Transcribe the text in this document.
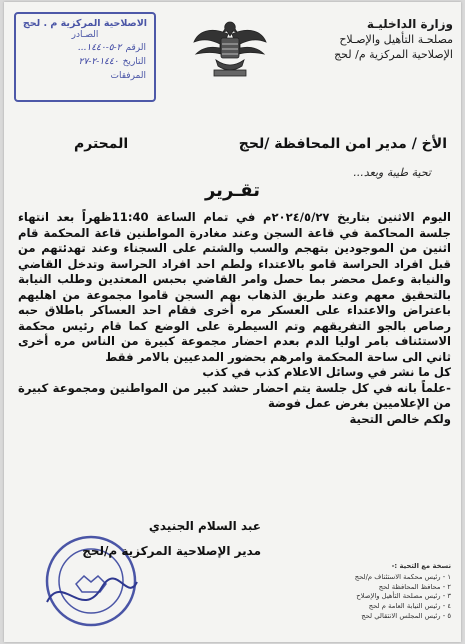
الاصلاحية المركزية م . لحج
الصـادر
الرقم
...٢-٥-١٤٤٠
التاريخ
١٤٤٠-٢-٢٧
المرفقات
وزارة الداخليـة
مصلحـة التأهيل والإصـلاح
الإصلاحية المركزية م/ لحج
الأخ / مدير امن المحافظة /لحج
المحترم
تحية طيبة وبعد...
تقـرير

اليوم الاثنين بتاريخ ٢٠٢٤/٥/٢٧م في تمام الساعة 11:40ظهراً بعد انتهاء جلسة المحاكمة في قاعة السجن وعند مغادرة المواطنين قاعة المحكمة قام اثنين من الموجودين بتهجم والسب والشتم على السجناء وعند تهدئتهم من قبل افراد الحراسة قامو بالاعتداء ولطم احد افراد الحراسة وتدخل القاضي والنيابة وعمل محضر بما حصل وامر القاضي بحبس المعتدين وطلب النيابة بالتحقيق معهم وعند طريق الذهاب بهم السجن قاموا مجموعة من اهليهم باعتراض والاعتداء على العسكر مره أخرى فقام احد العساكر باطلاق حبه رصاص بالجو التفريقهم وتم السيطرة على الوضع كما قام رئيس محكمة الاستئناف بامر اوليا الدم بعدم احضار مجموعة كبيرة من الناس مره أخرى ثاني الى ساحة المحكمة وامرهم بحضور المدعيين بالامر فقط

كل ما نشر في وسائل الاعلام كذب في كذب

-علماً بانه في كل جلسة يتم احضار حشد كبير من المواطنين ومجموعة كبيرة من الإعلاميين بغرض عمل فوضة

ولكم خالص التحية

عبد السلام الجنيدي
مدير الإصلاحية المركزية م/لحج
نسخة مع التحية :-
١ - رئيس محكمة الاستئناف م/لحج
٢ - محافظ المحافظة لحج
٣ - رئيس مصلحة التأهيل والإصلاح
٤ - رئيس النيابة العامة م لحج
٥ - رئيس المجلس الانتقالي لحج
